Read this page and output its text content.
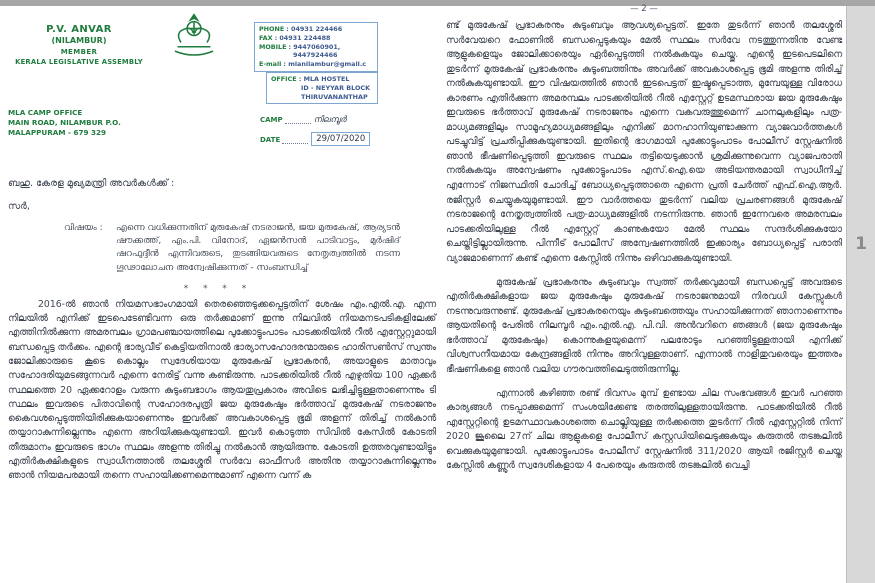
P.V. ANVAR
(NILAMBUR)
MEMBER
KERALA LEGISLATIVE ASSEMBLY
PHONE : 04931 224466
FAX : 04931 224488
MOBILE : 9447060901,
9447924466
E-mail : mlanilambur@gmail.c
OFFICE : MLA HOSTEL
ID - NEYYAR BLOCK
THIRUVANANTHAP
MLA CAMP OFFICE
MAIN ROAD, NILAMBUR P.O.
MALAPPURAM - 679 329
CAMP	നിലമ്പൂർ
DATE	29/07/2020
ബഹു. കേരള മുഖ്യമന്ത്രി അവർകൾക്ക് :
സർ,
വിഷയം :	എന്നെ വധിക്കുന്നതിന് മുരുകേഷ് നടരാജൻ, ജയ മുരുകേഷ്, ആര്യടൻ ഷൗക്കത്ത്, എം.പി. വിനോദ്, ഏജൻസൻ പാടിവാട്ടം, മുർഷിദ് ഷറഫുദ്ദീൻ എന്നിവരുടെ, തുടങ്ങിയവരുടെ നേതൃത്വത്തിൽ നടന്ന ഗൂഢാലോചന അന്വേഷിക്കുന്നത് - സംബന്ധിച്ച്
* * * *

2016-ൽ ഞാൻ നിയമസഭാംഗമായി തെരഞ്ഞെടുക്കപ്പെട്ടതിന് ശേഷം എം.എൽ.എ. എന്ന നിലയിൽ എനിക്ക് ഇടപെടേണ്ടിവന്ന ഒരു തർക്കമാണ് ഇന്നു നിലവിൽ നിയമനടപടികളിലേക്ക് എത്തിനിൽക്കുന്ന അമരമ്പലം ഗ്രാമപഞ്ചായത്തിലെ പുക്കോട്ടുംപാടം പാടക്കരിയിൽ റീൽ എസ്റ്റേറ്റുമായി ബന്ധപ്പെട്ട തർക്കം. എന്റെ ഭാര്യവീട് കെട്ടിയതിനാൽ ഭാര്യാസഹോദരന്മാരുടെ ഹാരിസൺസ് സ്വന്തം ജോലിക്കാരുടെ കൂടെ കൊല്ലം സ്വദേശിയായ മുരുകേഷ് പ്രഭാകരൻ, അയാളുടെ മാതാവും സഹോദരിയുമടങ്ങുന്നവർ എന്നെ നേരിട്ട് വന്നു കണ്ടിരുന്നു. പാടക്കരിയിൽ റീൽ എഴുതിയ 100 ഏക്കർ സ്ഥലത്തെ 20 ഏക്കറോളം വരുന്ന കുടുംബഭാഗം ആയതുപ്രകാരം അവിടെ ലഭിച്ചിട്ടുള്ളതാണെന്നും ടി സ്ഥലം ഇവരുടെ പിതാവിന്റെ സഹോദരപുത്രി ജയ മുരുകേഷും ഭർത്താവ് മുരുകേഷ് നടരാജനും കൈവശപ്പെടുത്തിയിരിക്കുകയാണെന്നും ഇവർക്ക് അവകാശപ്പെട്ട ഭൂമി അളന്ന് തിരിച്ച് നൽകാൻ തയ്യാറാകുന്നില്ലെന്നും എന്നെ അറിയിക്കുകയുണ്ടായി. ഇവർ കൊടുത്ത സിവിൽ കേസിൽ കോടതി തീരുമാനം ഇവരുടെ ഭാഗം സ്ഥലം അളന്നു തിരിച്ചു നൽകാൻ ആയിരുന്നു. കോടതി ഉത്തരവുണ്ടായിട്ടും എതിർകക്ഷികളുടെ സ്വാധീനത്താൽ തലശ്ശേരി സർവേ ഓഫീസർ അതിനു തയ്യാറാകുന്നില്ലെന്നും ഞാൻ നിയമപരമായി തന്നെ സഹായിക്കണമെന്നുമാണ് എന്നെ വന്ന് ക

— 2 —

ണ്ട് മുരുകേഷ് പ്രഭാകരനും കുടുംബവും ആവശ്യപ്പെട്ടത്. ഇതേ തുടർന്ന് ഞാൻ തലശ്ശേരി സർവേയറെ ഫോണിൽ ബന്ധപ്പെടുകയും മേൽ സ്ഥലം സർവേ നടത്തുന്നതിനു വേണ്ട ആളുകളെയും ജോലിക്കാരെയും ഏർപ്പെടുത്തി നൽകുകയും ചെയ്തു. എന്റെ ഇടപെടലിനെ തുടർന്ന് മുരുകേഷ് പ്രഭാകരനും കുടുംബത്തിനും അവർക്ക് അവകാശപ്പെട്ട ഭൂമി അളന്നു തിരിച്ച് നൽകുകയുണ്ടായി. ഈ വിഷയത്തിൽ ഞാൻ ഇടപെട്ടത് ഇഷ്ടപ്പെടാത്ത, മുമ്പേയുള്ള വിരോധ കാരണം എതിർക്കുന്ന അമരമ്പലം പാടക്കരിയിൽ റീൽ എസ്റ്റേറ്റ് ഉടമസ്ഥരായ ജയ മുരുകേഷും ഇവരുടെ ഭർത്താവ് മുരുകേഷ് നടരാജനും എന്നെ വകവരുത്തുമെന്ന് ചാനലുകളിലും പത്ര-മാധ്യമങ്ങളിലും സാമൂഹ്യമാധ്യമങ്ങളിലും എനിക്ക് മാനഹാനിയുണ്ടാക്കുന്ന വ്യാജവാർത്തകൾ പടച്ചുവിട്ട് പ്രചരിപ്പിക്കുകയുണ്ടായി. ഇതിന്റെ ഭാഗമായി പുക്കോട്ടുംപാടം പോലീസ് സ്റ്റേഷനിൽ ഞാൻ ഭീഷണിപ്പെടുത്തി ഇവരുടെ സ്ഥലം തട്ടിയെടുക്കാൻ ശ്രമിക്കുന്നുവെന്ന വ്യാജപരാതി നൽകുകയും അന്വേഷണം പുക്കോട്ടുംപാടം എസ്.ഐ.യെ അടിയന്തരമായി സ്വാധീനിച്ച് എന്നോട് നിജസ്ഥിതി ചോദിച്ച് ബോധ്യപ്പെടുത്താതെ എന്നെ പ്രതി ചേർത്ത് എഫ്.ഐ.ആർ. രജിസ്റ്റർ ചെയ്യുകയുമുണ്ടായി. ഈ വാർത്തയെ തുടർന്ന് വലിയ പ്രചരണങ്ങൾ മുരുകേഷ് നടരാജന്റെ നേതൃത്വത്തിൽ പത്ര-മാധ്യമങ്ങളിൽ നടന്നിരുന്നു. ഞാൻ ഇന്നേവരെ അമരമ്പലം പാടക്കരിയിലുള്ള റീൽ എസ്റ്റേറ്റ് കാണുകയോ മേൽ സ്ഥലം സന്ദർശിക്കുകയോ ചെയ്തിട്ടില്ലായിരുന്നു. പിന്നീട് പോലീസ് അന്വേഷണത്തിൽ ഇക്കാര്യം ബോധ്യപ്പെട്ട് പരാതി വ്യാജമാണെന്ന് കണ്ട് എന്നെ കേസ്സിൽ നിന്നും ഒഴിവാക്കുകയുണ്ടായി.

മുരുകേഷ് പ്രഭാകരനും കുടുംബവും സ്വത്ത് തർക്കവുമായി ബന്ധപ്പെട്ട് അവരുടെ എതിർകക്ഷികളായ ജയ മുരുകേഷും മുരുകേഷ് നടരാജനുമായി നിരവധി കേസ്സുകൾ നടന്നുവരുന്നുണ്ട്. മുരുകേഷ് പ്രഭാകരനെയും കുടുംബത്തെയും സഹായിക്കുന്നത് ഞാനാണെന്നും ആയതിന്റെ പേരിൽ നിലമ്പൂർ എം.എൽ.എ. പി.വി. അൻവറിനെ ഞങ്ങൾ (ജയ മുരുകേഷും ഭർത്താവ് മുരുകേഷും) കൊന്നുകളയുമെന്ന് പലരോടും പറഞ്ഞിട്ടുള്ളതായി എനിക്ക് വിശ്വസനീയമായ കേന്ദ്രങ്ങളിൽ നിന്നും അറിവുള്ളതാണ്. എന്നാൽ നാളിതുവരെയും ഇത്തരം ഭീഷണികളെ ഞാൻ വലിയ ഗൗരവത്തിലെടുത്തിരുന്നില്ല.

എന്നാൽ കഴിഞ്ഞ രണ്ട് ദിവസം മുമ്പ് ഉണ്ടായ ചില സംഭവങ്ങൾ ഇവർ പറഞ്ഞ കാര്യങ്ങൾ നടപ്പാക്കുമെന്ന് സംശയിക്കേണ്ട തരത്തിലുള്ളതായിരുന്നു. പാടക്കരിയിൽ റീൽ എസ്റ്റേറ്റിന്റെ ഉടമസ്ഥാവകാശത്തെ ചൊല്ലിയുള്ള തർക്കത്തെ തുടർന്ന് റീൽ എസ്റ്റേറ്റിൽ നിന്ന് 2020 ജൂലൈ 27ന് ചില ആളുകളെ പോലീസ് കസ്റ്റഡിയിലെടുക്കുകയും കരുതൽ തടങ്കലിൽ വെക്കുകയുമുണ്ടായി. പുക്കോട്ടുംപാടം പോലീസ് സ്റ്റേഷനിൽ 311/2020 ആയി രജിസ്റ്റർ ചെയ്ത കേസ്സിൽ കണ്ണൂർ സ്വദേശികളായ 4 പേരെയും കരുതൽ തടങ്കലിൽ വെച്ചി

1
